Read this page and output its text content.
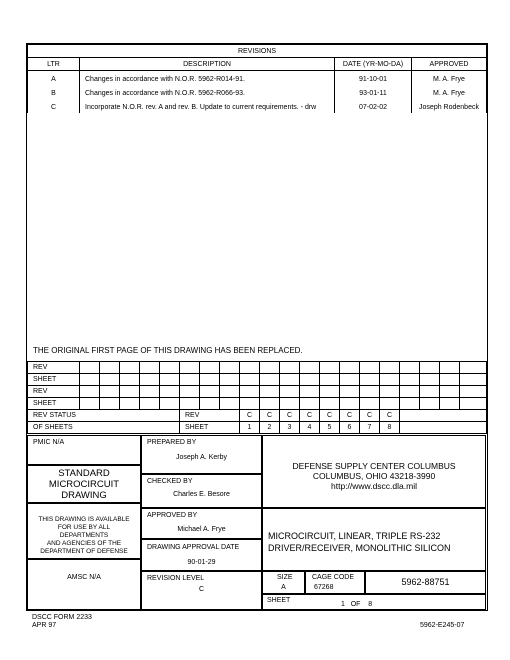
REVISIONS			
LTR	DESCRIPTION	DATE (YR-MO-DA)	APPROVED

A	Changes in accordance with N.O.R. 5962-R014-91.	91-10-01	M. A. Frye

B	Changes in accordance with N.O.R. 5962-R066-93.	93-01-11	M. A. Frye

C	Incorporate N.O.R. rev. A and rev. B. Update to current requirements. - drw	07-02-02	Joseph Rodenbeck
THE ORIGINAL FIRST PAGE OF THIS DRAWING HAS BEEN REPLACED.
REV																				
SHEET																				
REV																				
SHEET																				
REV STATUS						REV			C	C	C	C	C	C	C	C				
OF SHEETS						SHEET			1	2	3	4	5	6	7	8				
PMIC N/A
STANDARD
MICROCIRCUIT
DRAWING
THIS DRAWING IS AVAILABLE
FOR USE BY ALL
DEPARTMENTS
AND AGENCIES OF THE
DEPARTMENT OF DEFENSE
AMSC N/A
PREPARED BY
Joseph A. Kerby
CHECKED BY
Charles E. Besore
APPROVED BY
Michael A. Frye
DRAWING APPROVAL DATE
90-01-29
REVISION LEVEL
C
DEFENSE SUPPLY CENTER COLUMBUS
COLUMBUS, OHIO 43218-3990
http://www.dscc.dla.mil
MICROCIRCUIT, LINEAR, TRIPLE RS-232
DRIVER/RECEIVER, MONOLITHIC SILICON
SIZE
A
CAGE CODE
67268
5962-88751
SHEET
1   OF    8
DSCC FORM 2233
APR 97	5962-E245-07
